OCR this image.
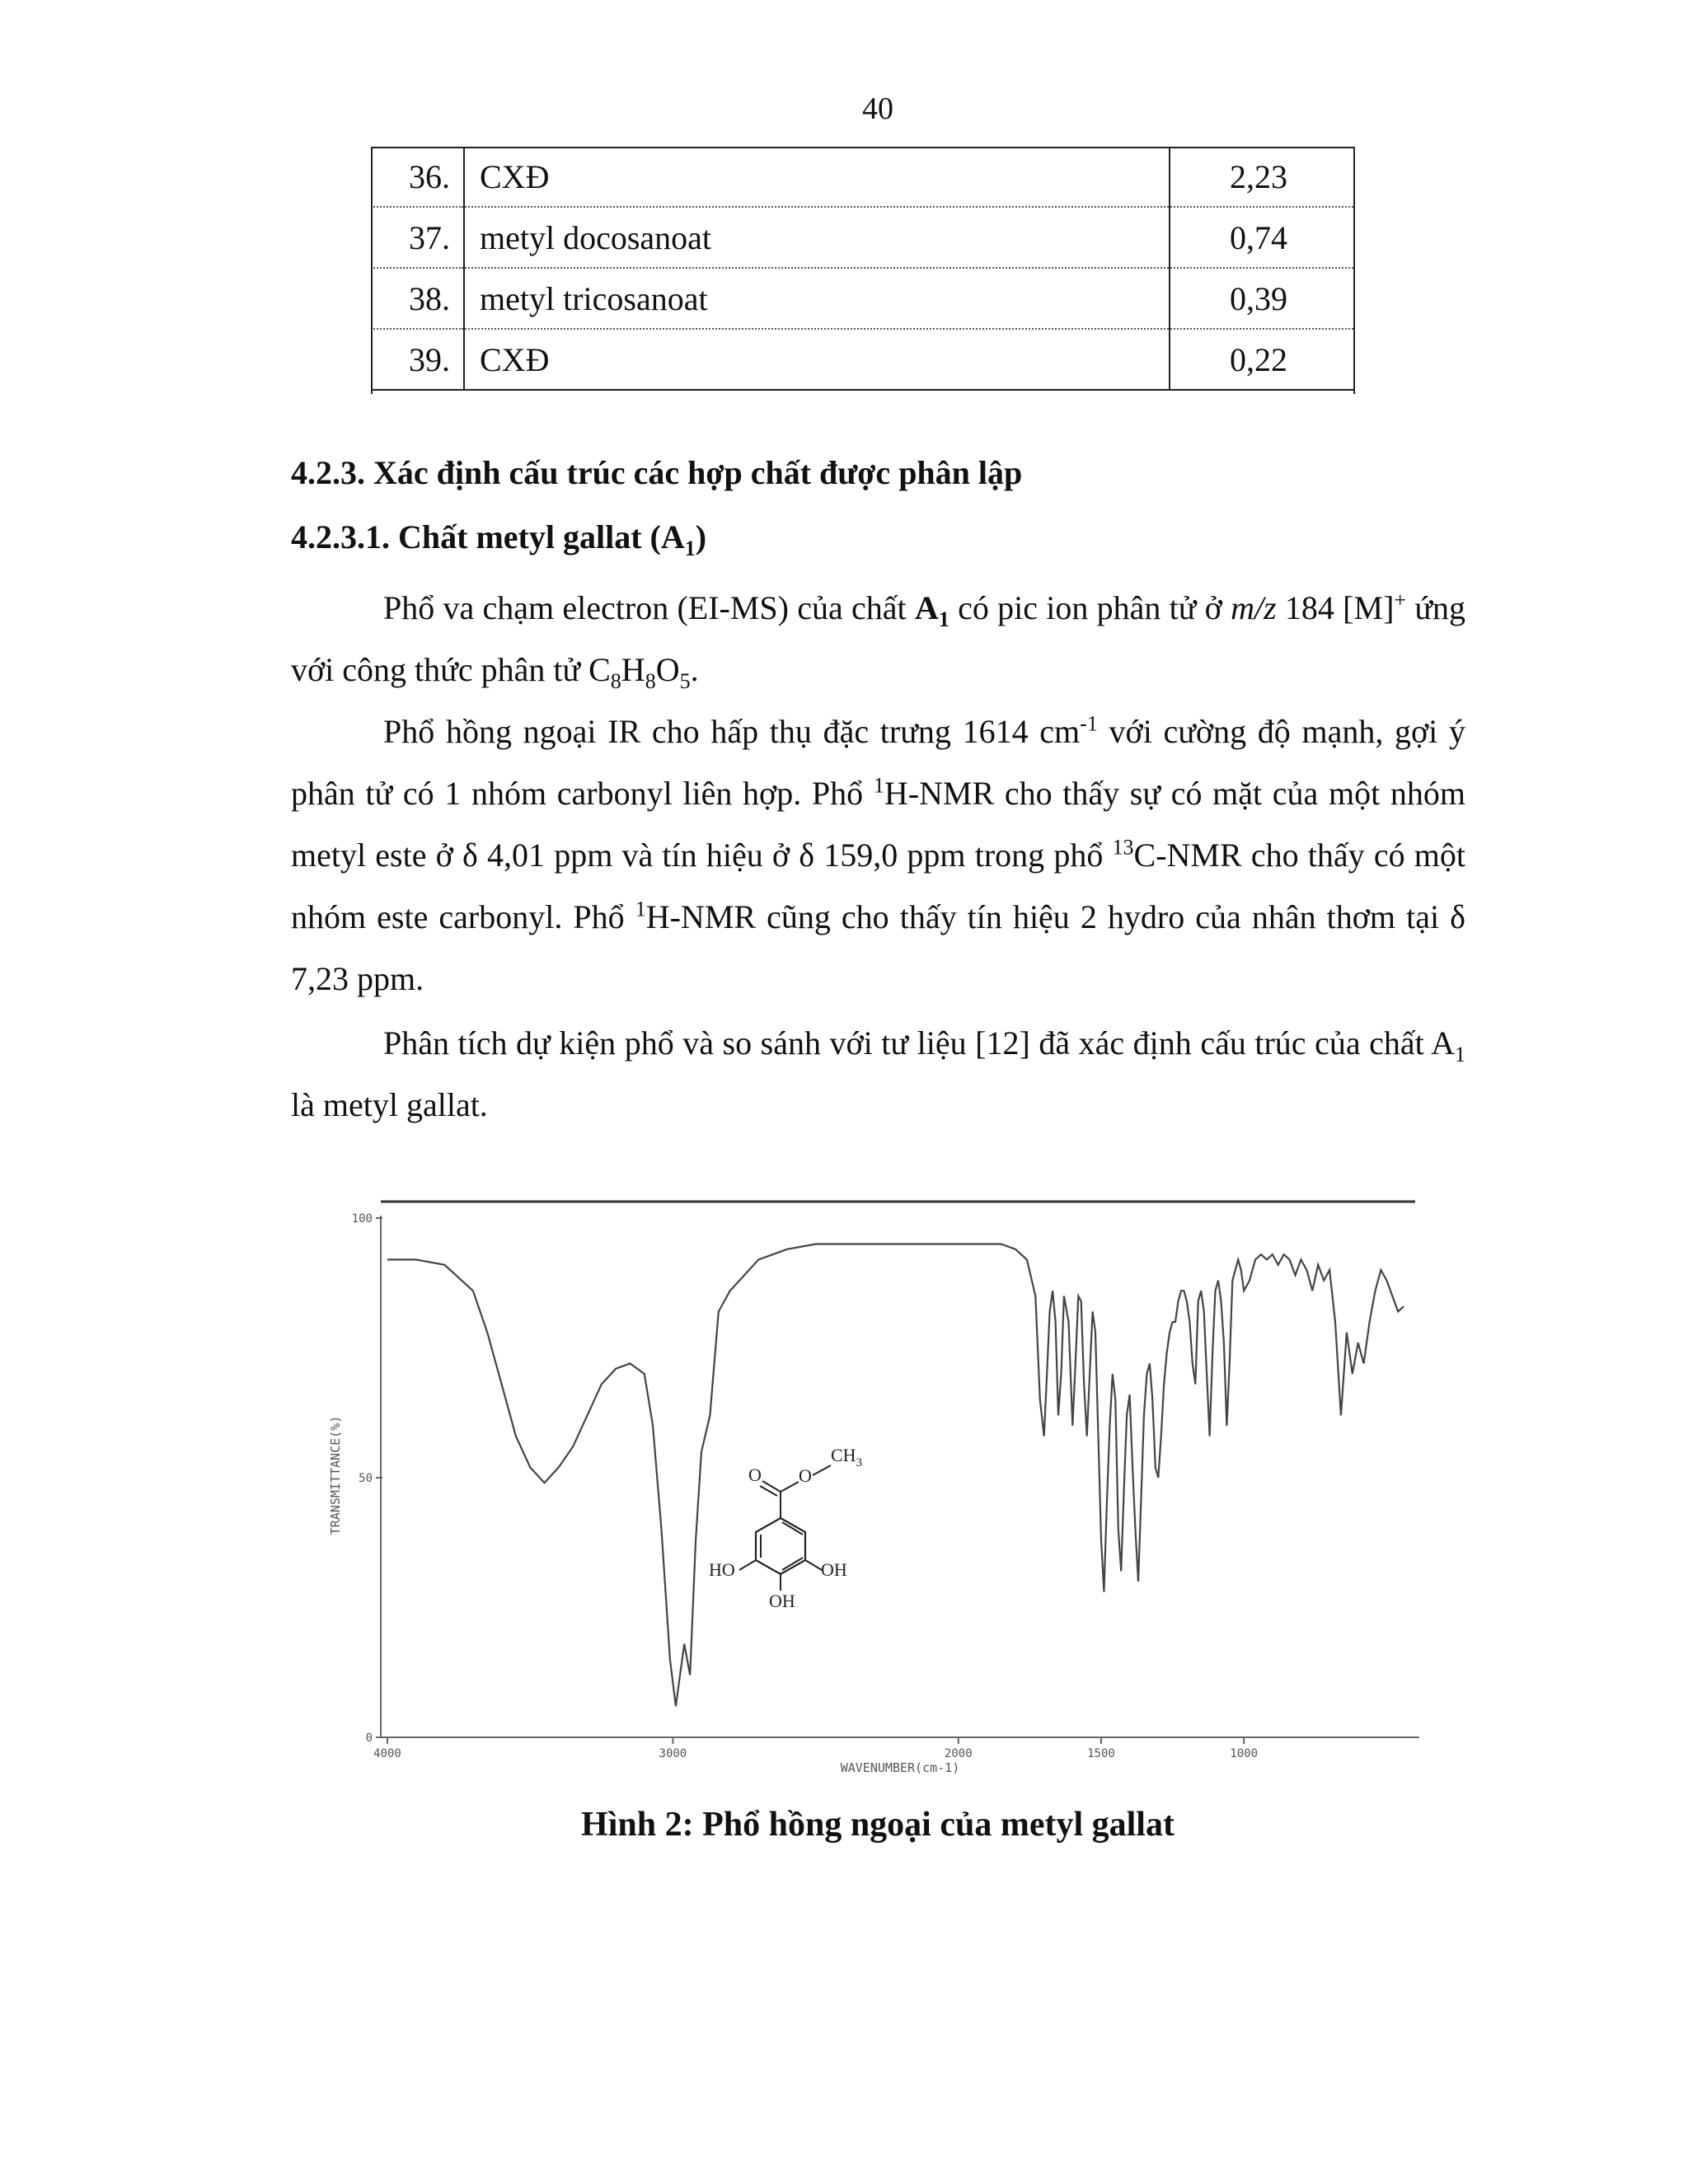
40
36.	CXĐ	2,23
37.	metyl docosanoat	0,74
38.	metyl tricosanoat	0,39
39.	CXĐ	0,22
4.2.3. Xác định cấu trúc các hợp chất được phân lập
4.2.3.1. Chất metyl gallat $(A_1)$

Phổ va chạm electron (EI-MS) của chất $A_1$ có pic ion phân tử ở m/z 184 [M]+ ứng với công thức phân tử $C_8H_8O_5$.

Phổ hồng ngoại IR cho hấp thụ đặc trưng 1614 $cm^{-1}$ với cường độ mạnh, gợi ý phân tử có 1 nhóm carbonyl liên hợp. Phổ $^1$H-NMR cho thấy sự có mặt của một nhóm metyl este ở δ 4,01 ppm và tín hiệu ở δ 159,0 ppm trong phổ $^{13}$C-NMR cho thấy có một nhóm este carbonyl. Phổ $^1$H-NMR cũng cho thấy tín hiệu 2 hydro của nhân thơm tại δ 7,23 ppm.

Phân tích dự kiện phổ và so sánh với tư liệu [12] đã xác định cấu trúc của chất $A_1$ là metyl gallat.

100
50
0
4000	3000	2000	1500	1000
TRANSMITTANCE(%)
WAVENUMBER(cm-1)
O O
$CH_3$
HO	OH
OH
Hình 2: Phổ hồng ngoại của metyl gallat
